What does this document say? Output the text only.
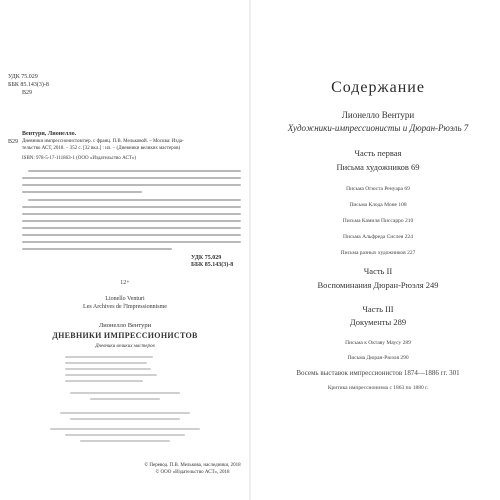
УДК 75.029
ББК 85.143(3)-8
В29
Вентури, Лионелло.
В29 Дневники импрессионистов/пер. с франц. П.В. Мельковой. – Москва: Изда-
тельство АСТ, 2018. – 352 с. [32 вкл.] : ил. – (Дневники великих мастеров)
ISBN: 978-5-17-111863-1 (ООО «Издательство АСТ»)
УДК 75.029
ББК 85.143(3)-8
12+
Lionello Venturi
Les Archives de l'Impressionnisme
Лионелло Вентури
ДНЕВНИКИ ИМПРЕССИОНИСТОВ
Дневники великих мастеров
© Перевод. П.В. Мелькова, наследники, 2018
© ООО «Издательство АСТ», 2018
Содержание
Лионелло Вентури
Художники-импрессионисты и Дюран-Рюэль 7
Часть первая
Письма художников 69
Письма Огюста Ренуара 69
Письма Клода Моне 108
Письма Камиля Писсарро 210
Письма Альфреда Сислея 224
Письма разных художников 227
Часть II
Воспоминания Дюран-Рюэля 249
Часть III
Документы 289
Письма к Октаву Маусу 289
Письма Дюран-Рюэля 290
Восемь выставок импрессионистов 1874—1886 гг. 301
Критика импрессионизма с 1863 по 1880 г.
